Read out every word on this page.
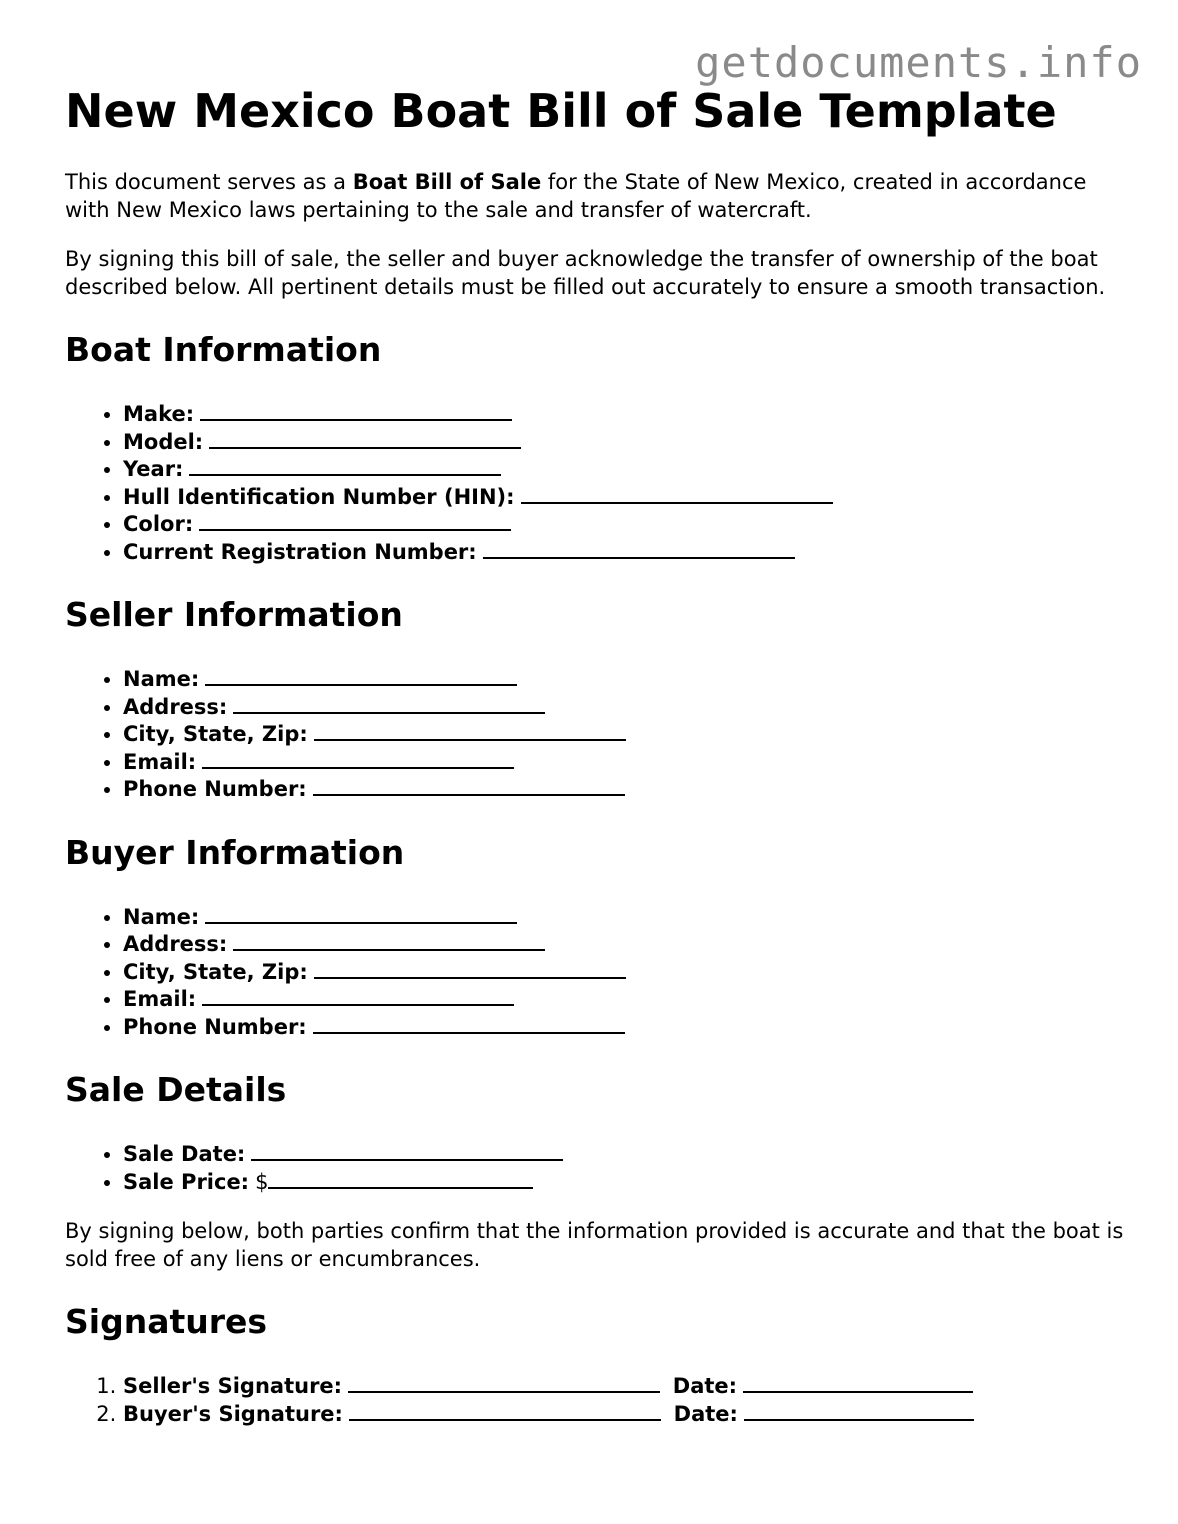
getdocuments.info
New Mexico Boat Bill of Sale Template

This document serves as a Boat Bill of Sale for the State of New Mexico, created in accordance with New Mexico laws pertaining to the sale and transfer of watercraft.

By signing this bill of sale, the seller and buyer acknowledge the transfer of ownership of the boat described below. All pertinent details must be filled out accurately to ensure a smooth transaction.

Boat Information
• Make:
• Model:
• Year:
• Hull Identification Number (HIN):
• Color:
• Current Registration Number:
Seller Information
• Name:
• Address:
• City, State, Zip:
• Email:
• Phone Number:
Buyer Information
• Name:
• Address:
• City, State, Zip:
• Email:
• Phone Number:
Sale Details
• Sale Date:
• Sale Price: $

By signing below, both parties confirm that the information provided is accurate and that the boat is sold free of any liens or encumbrances.

Signatures
1. Seller's Signature:	Date:
2. Buyer's Signature:	Date:
